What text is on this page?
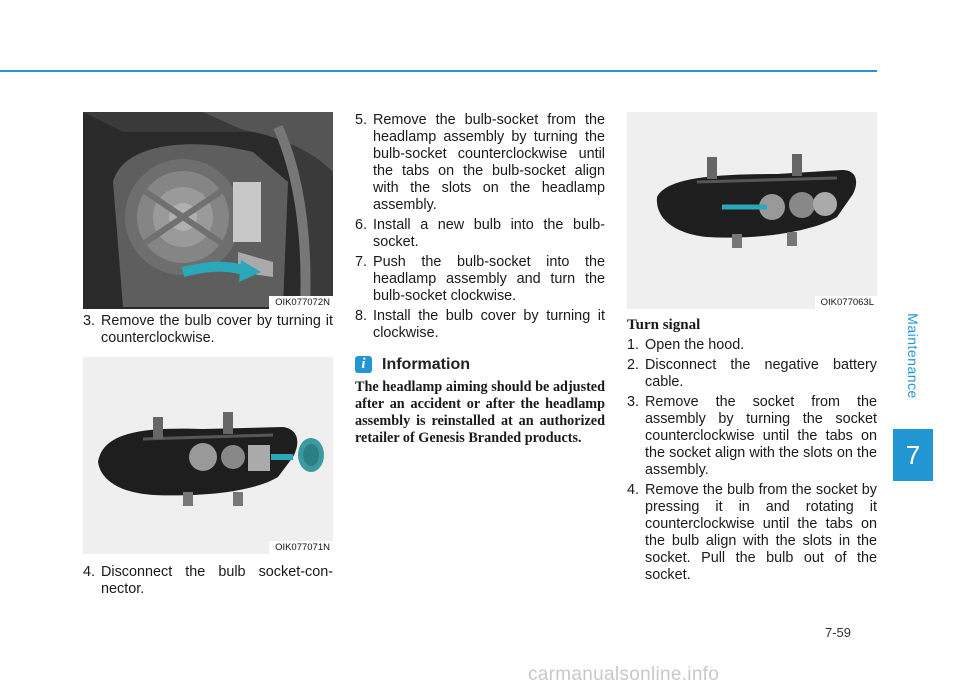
Maintenance
7
OIK077072N
3. Remove the bulb cover by turning it counterclockwise.
OIK077071N
4. Disconnect the bulb socket-con-nector.
5. Remove the bulb-socket from the headlamp assembly by turning the bulb-socket counterclockwise until the tabs on the bulb-socket align with the slots on the headlamp assembly.
6. Install a new bulb into the bulb-socket.
7. Push the bulb-socket into the headlamp assembly and turn the bulb-socket clockwise.
8. Install the bulb cover by turning it clockwise.
i	Information
The headlamp aiming should be adjusted after an accident or after the headlamp assembly is reinstalled at an authorized retailer of Genesis Branded products.
OIK077063L
Turn signal
1. Open the hood.
2. Disconnect the negative battery cable.
3. Remove the socket from the assembly by turning the socket counterclockwise until the tabs on the socket align with the slots on the assembly.
4. Remove the bulb from the socket by pressing it in and rotating it counterclockwise until the tabs on the bulb align with the slots in the socket. Pull the bulb out of the socket.
7-59
carmanualsonline.info
